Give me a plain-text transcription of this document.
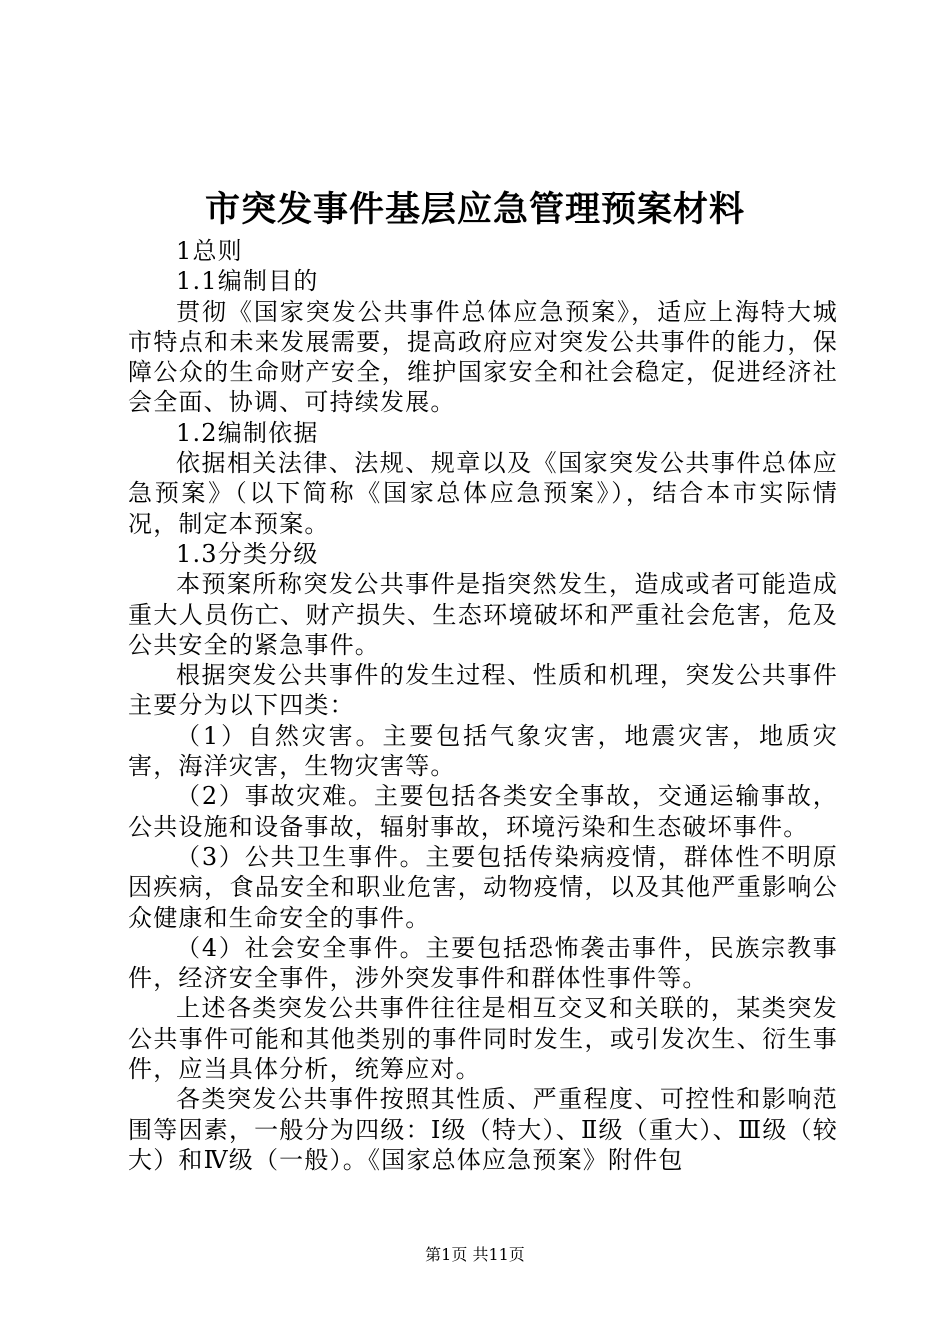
市突发事件基层应急管理预案材料

1总则

1.1编制目的

贯彻《国家突发公共事件总体应急预案》，适应上海特大城市特点和未来发展需要，提高政府应对突发公共事件的能力，保障公众的生命财产安全，维护国家安全和社会稳定，促进经济社会全面、协调、可持续发展。

1.2编制依据

依据相关法律、法规、规章以及《国家突发公共事件总体应急预案》（以下简称《国家总体应急预案》），结合本市实际情况，制定本预案。

1.3分类分级

本预案所称突发公共事件是指突然发生，造成或者可能造成重大人员伤亡、财产损失、生态环境破坏和严重社会危害，危及公共安全的紧急事件。

根据突发公共事件的发生过程、性质和机理，突发公共事件主要分为以下四类：

（1）自然灾害。主要包括气象灾害，地震灾害，地质灾害，海洋灾害，生物灾害等。

（2）事故灾难。主要包括各类安全事故，交通运输事故，公共设施和设备事故，辐射事故，环境污染和生态破坏事件。

（3）公共卫生事件。主要包括传染病疫情，群体性不明原因疾病，食品安全和职业危害，动物疫情，以及其他严重影响公众健康和生命安全的事件。

（4）社会安全事件。主要包括恐怖袭击事件，民族宗教事件，经济安全事件，涉外突发事件和群体性事件等。

上述各类突发公共事件往往是相互交叉和关联的，某类突发公共事件可能和其他类别的事件同时发生，或引发次生、衍生事件，应当具体分析，统筹应对。

各类突发公共事件按照其性质、严重程度、可控性和影响范围等因素，一般分为四级：Ⅰ级（特大）、Ⅱ级（重大）、Ⅲ级（较大）和Ⅳ级（一般）。《国家总体应急预案》附件包

第1页 共11页
